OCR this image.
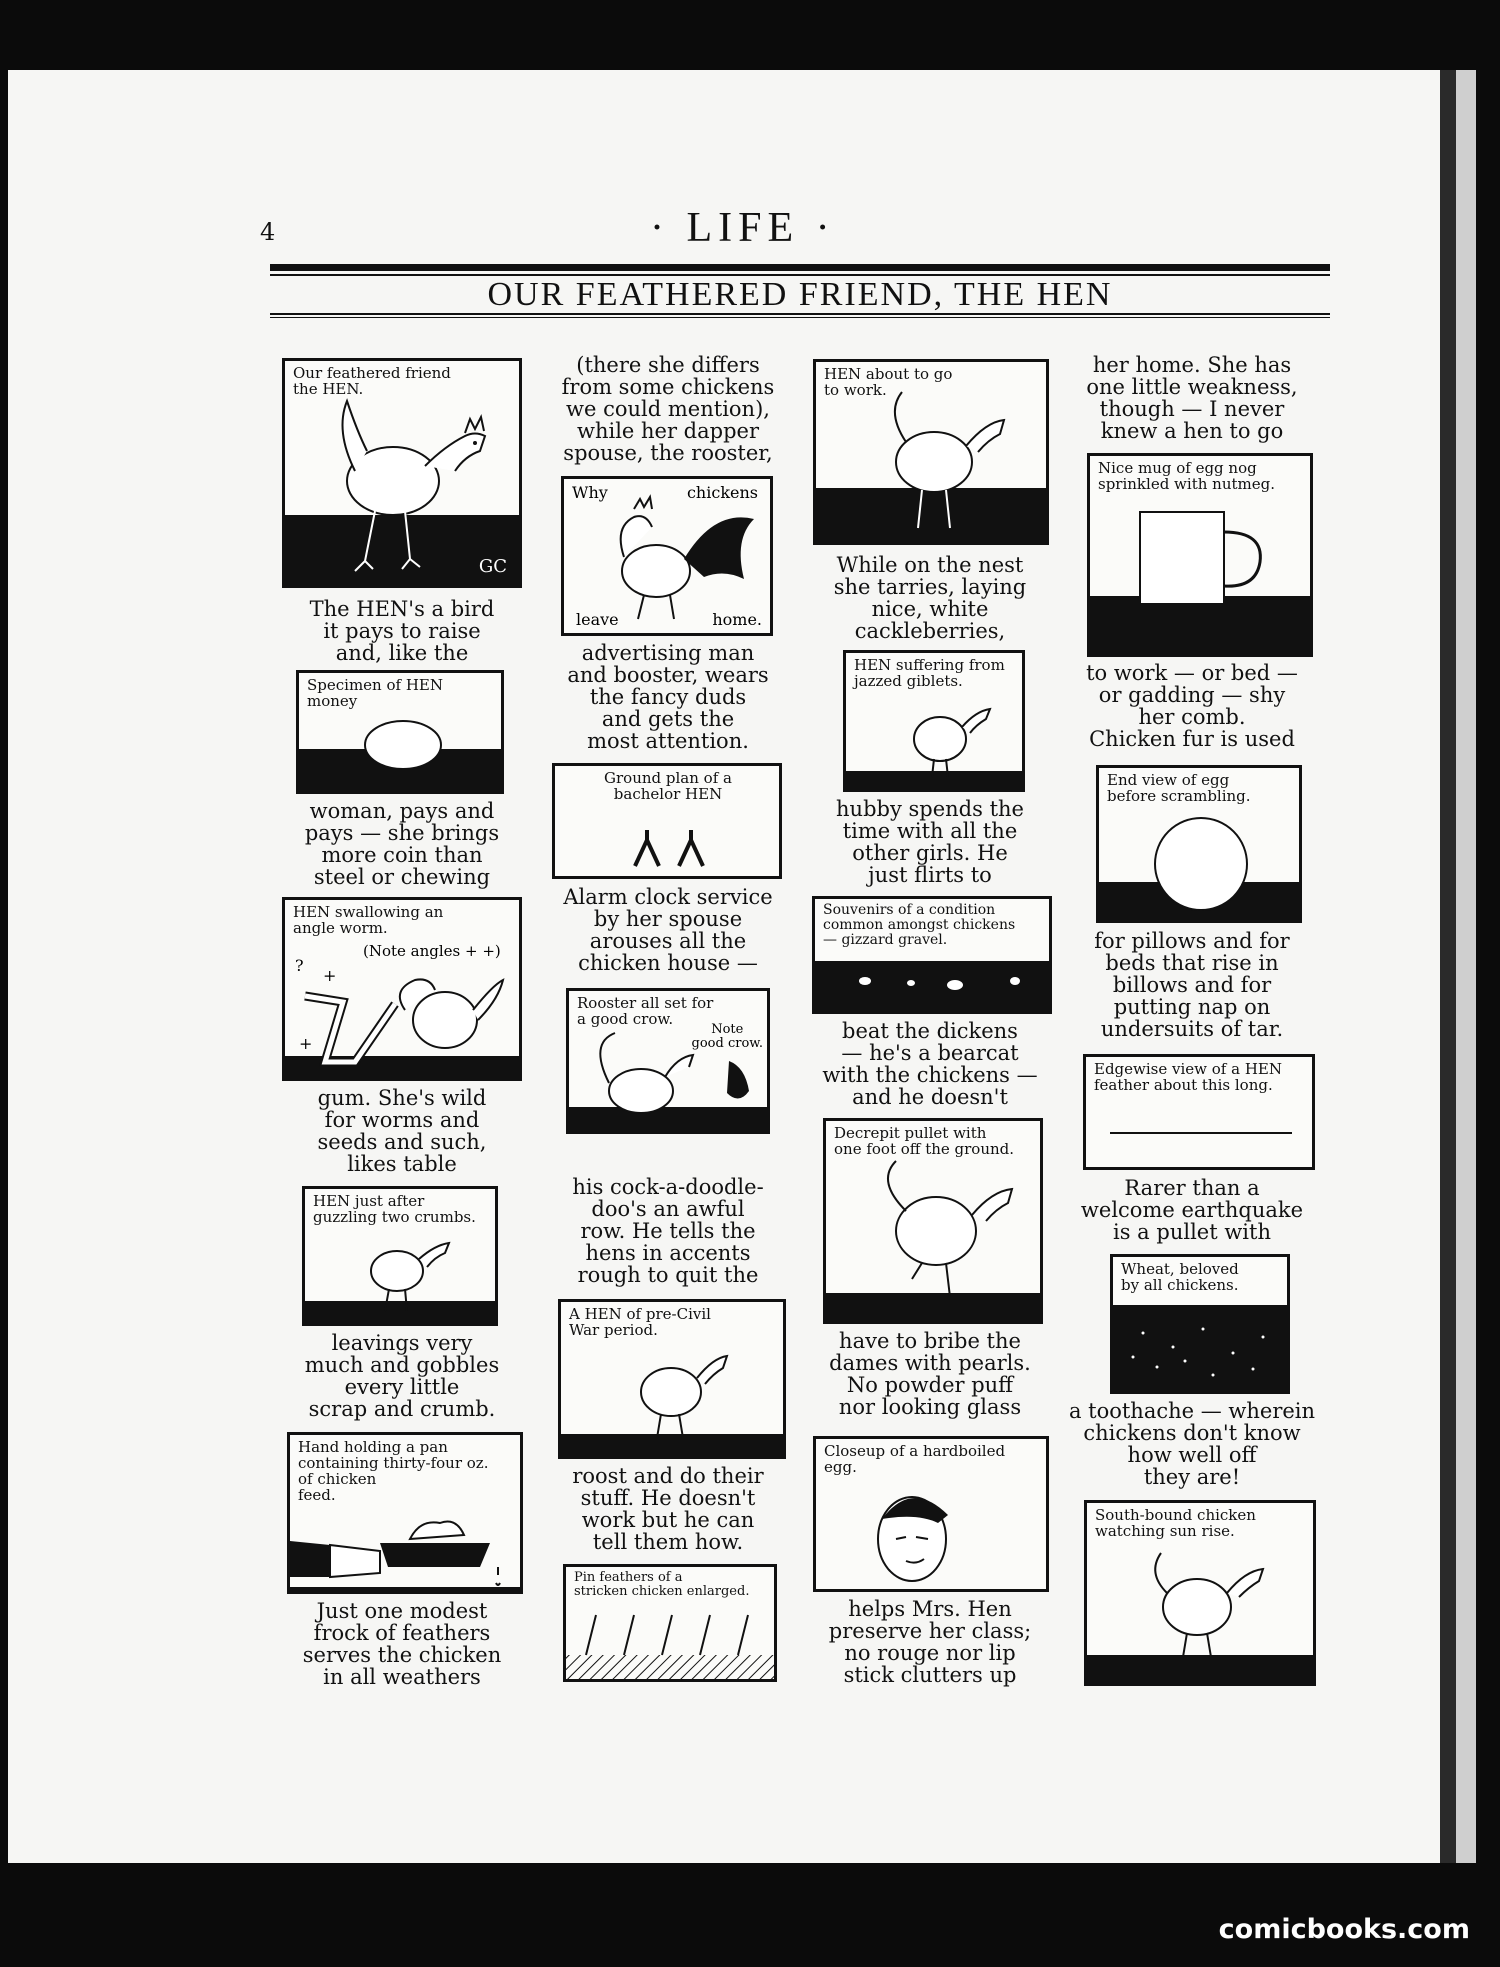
4	· LIFE ·
OUR FEATHERED FRIEND, THE HEN
Our feathered friend
the HEN.
GC
The HEN's a bird
it pays to raise
and, like the
Specimen of HEN money
woman, pays and
pays — she brings
more coin than
steel or chewing
HEN swallowing an
angle worm.
(Note angles + +)
?
+
+
gum. She's wild
for worms and
seeds and such,
likes table
HEN just after
guzzling two crumbs.
leavings very
much and gobbles
every little
scrap and crumb.
Hand holding a pan
containing thirty-four oz.
of chicken
feed.
Just one modest
frock of feathers
serves the chicken
in all weathers
(there she differs
from some chickens
we could mention),
while her dapper
spouse, the rooster,
Why	chickens
leave	home.
advertising man
and booster, wears
the fancy duds
and gets the
most attention.
Ground plan of a
bachelor HEN
Alarm clock service
by her spouse
arouses all the
chicken house —
Rooster all set for
a good crow.
Note
good crow.
his cock-a-doodle-
doo's an awful
row. He tells the
hens in accents
rough to quit the
A HEN of pre-Civil
War period.
roost and do their
stuff. He doesn't
work but he can
tell them how.
Pin feathers of a
stricken chicken enlarged.
HEN about to go
to work.
While on the nest
she tarries, laying
nice, white
cackleberries,
HEN suffering from
jazzed giblets.
hubby spends the
time with all the
other girls. He
just flirts to
Souvenirs of a condition
common amongst chickens
— gizzard gravel.
beat the dickens
— he's a bearcat
with the chickens —
and he doesn't
Decrepit pullet with
one foot off the ground.
have to bribe the
dames with pearls.
No powder puff
nor looking glass
Closeup of a hardboiled
egg.
helps Mrs. Hen
preserve her class;
no rouge nor lip
stick clutters up
her home. She has
one little weakness,
though — I never
knew a hen to go
Nice mug of egg nog
sprinkled with nutmeg.
to work — or bed —
or gadding — shy
her comb.
Chicken fur is used
End view of egg
before scrambling.
for pillows and for
beds that rise in
billows and for
putting nap on
undersuits of tar.
Edgewise view of a HEN
feather about this long.
Rarer than a
welcome earthquake
is a pullet with
Wheat, beloved
by all chickens.
a toothache — wherein
chickens don't know
how well off
they are!
South-bound chicken
watching sun rise.
comicbooks.com
